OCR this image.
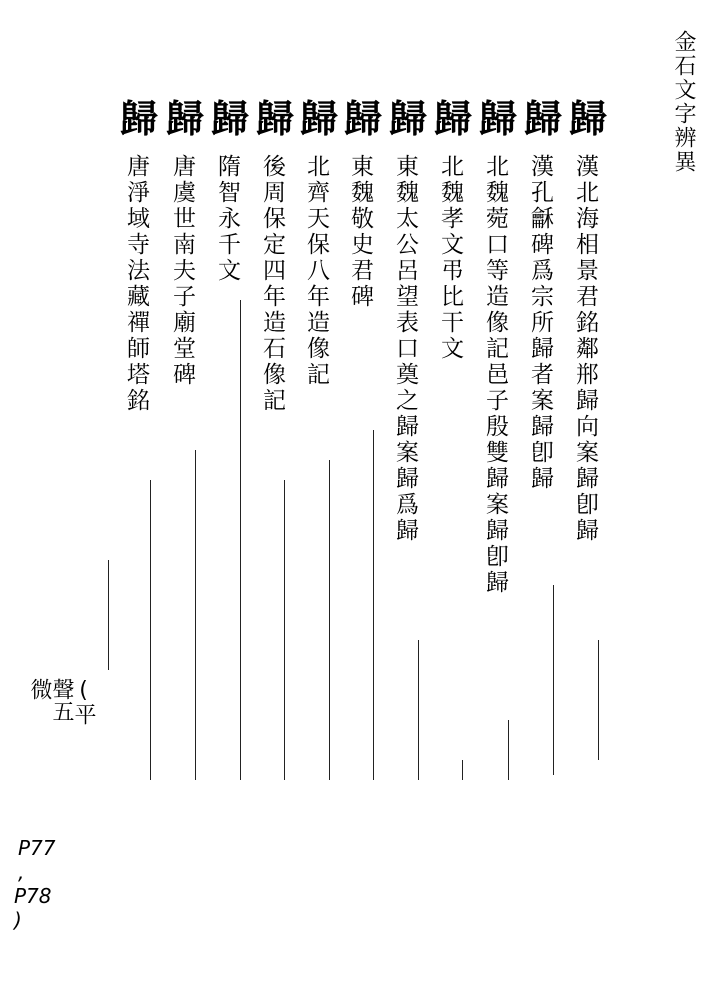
金石文字辨異
歸
漢北海相景君銘鄰郱歸向案歸卽歸
歸
漢孔龢碑爲宗所歸者案歸卽歸
歸
北魏菀口等造像記邑子殷雙歸案歸卽歸
歸
北魏孝文弔比干文
歸
東魏太公呂望表口奠之歸案歸爲歸
歸
東魏敬史君碑
歸
北齊天保八年造像記
歸
後周保定四年造石像記
歸
隋智永千文
歸
唐虞世南夫子廟堂碑
歸
唐淨域寺法藏禪師塔銘
(平聲五微
P77 ,
P78 )
